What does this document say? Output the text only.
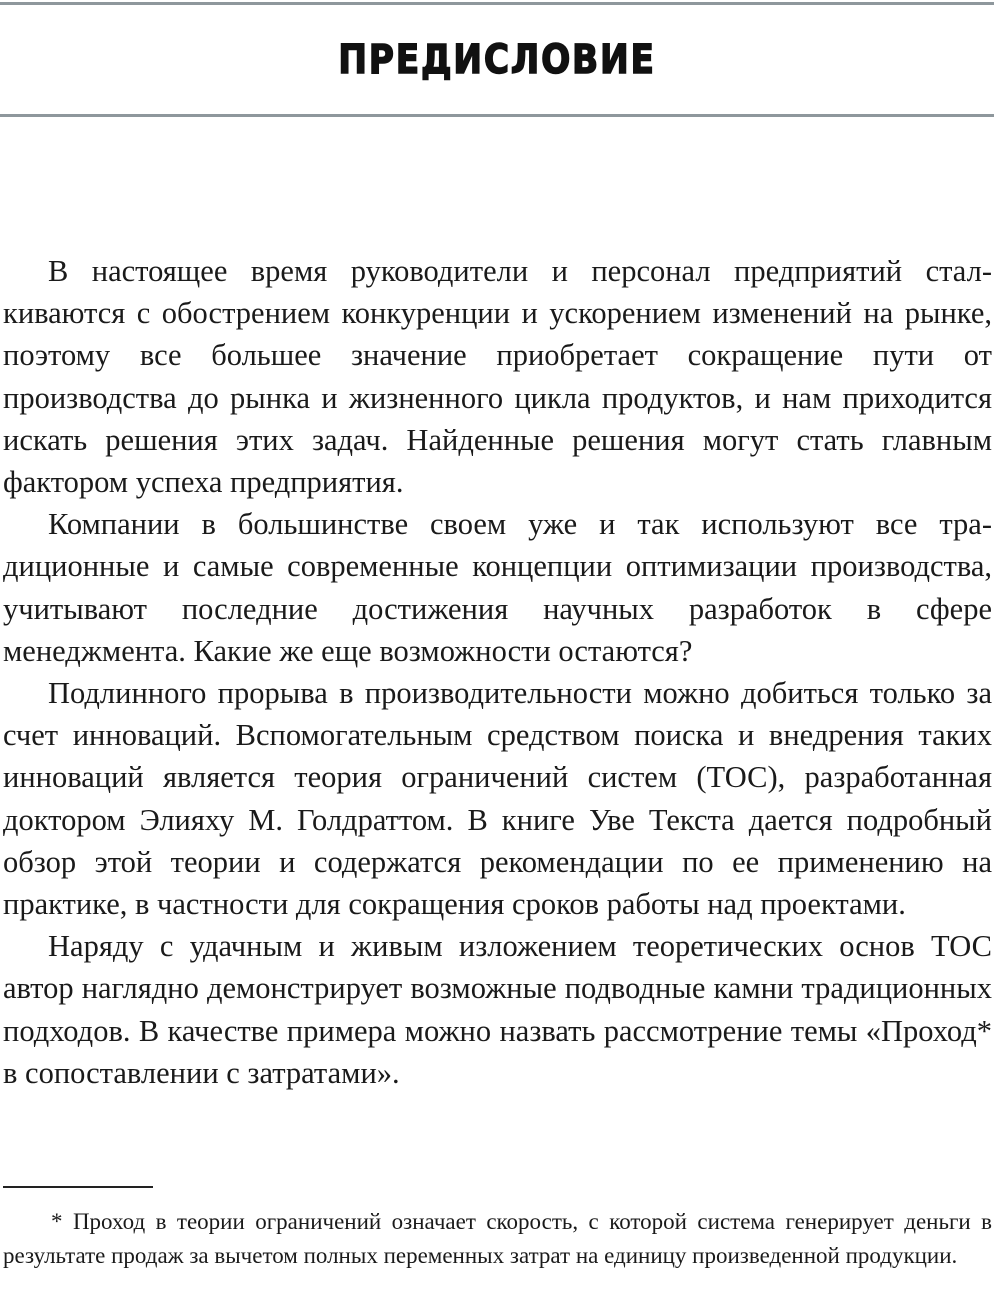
ПРЕДИСЛОВИЕ

В настоящее время руководители и персонал предприятий сталкиваются с обострением конкуренции и ускорением изменений на рынке, поэтому все большее значение приобретает сокращение пути от производства до рынка и жизненного цикла продуктов, и нам приходится искать решения этих задач. Найденные решения могут стать главным фактором успеха предприятия.

Компании в большинстве своем уже и так используют все традиционные и самые современные концепции оптимизации производства, учитывают последние достижения научных разработок в сфере менеджмента. Какие же еще возможности остаются?

Подлинного прорыва в производительности можно добиться только за счет инноваций. Вспомогательным средством поиска и внедрения таких инноваций является теория ограничений систем (ТОС), разработанная доктором Элияху М. Голдраттом. В книге Уве Текста дается подробный обзор этой теории и содержатся рекомендации по ее применению на практике, в частности для сокращения сроков работы над проектами.

Наряду с удачным и живым изложением теоретических основ ТОС автор наглядно демонстрирует возможные подводные камни традиционных подходов. В качестве примера можно назвать рассмотрение темы «Проход* в сопоставлении с затратами».

* Проход в теории ограничений означает скорость, с которой система генерирует деньги в результате продаж за вычетом полных переменных затрат на единицу произведенной продукции.
